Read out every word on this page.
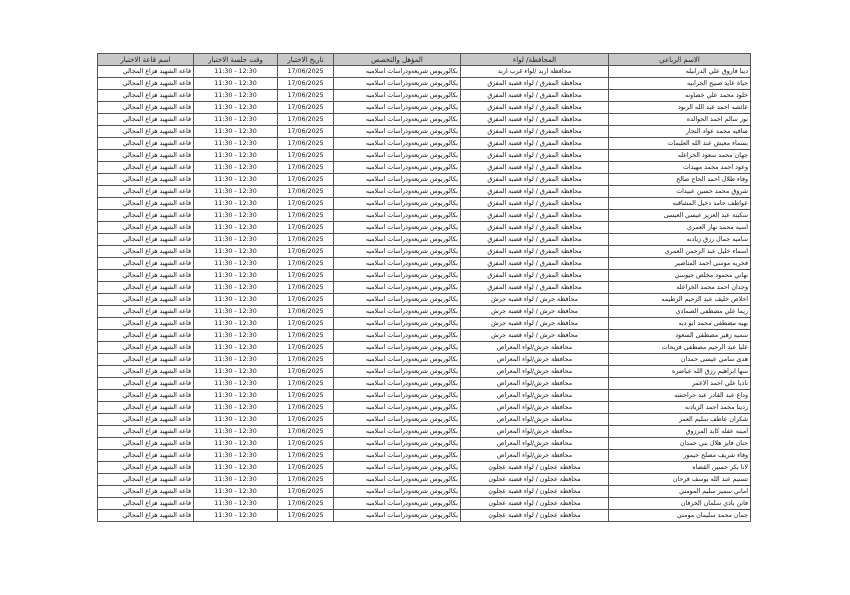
الاسم الرباعي	المحافظة/ لواء	المؤهل والتخصص	تاريخ الاختبار	وقت جلسة الاختبار	اسم قاعة الاختبار
دينا فاروق علي الدرابيله	محافظة اربد /لواء غرب اربد	بكالوريوس شريعةودراسات اسلاميه	17/06/2025	11:30 - 12:30	قاعة الشهيد هزاع المجالي
حياة عايد صبيح الجرابيه	محافظة المفرق / لواء قصبة المفرق	بكالوريوس شريعةودراسات اسلاميه	17/06/2025	11:30 - 12:30	قاعة الشهيد هزاع المجالي
خلود محمد علي خصاونه	محافظة المفرق / لواء قصبة المفرق	بكالوريوس شريعةودراسات اسلاميه	17/06/2025	11:30 - 12:30	قاعة الشهيد هزاع المجالي
عائشه احمد عبد الله الزبود	محافظة المفرق / لواء قصبة المفرق	بكالوريوس شريعةودراسات اسلاميه	17/06/2025	11:30 - 12:30	قاعة الشهيد هزاع المجالي
نور سالم احمد الخوالده	محافظة المفرق / لواء قصبة المفرق	بكالوريوس شريعةودراسات اسلاميه	17/06/2025	11:30 - 12:30	قاعة الشهيد هزاع المجالي
صافيه محمد عواد النجار	محافظة المفرق / لواء قصبة المفرق	بكالوريوس شريعةودراسات اسلاميه	17/06/2025	11:30 - 12:30	قاعة الشهيد هزاع المجالي
بسماء معيش عبد الله العليمات	محافظة المفرق / لواء قصبة المفرق	بكالوريوس شريعةودراسات اسلاميه	17/06/2025	11:30 - 12:30	قاعة الشهيد هزاع المجالي
جهان محمد سعود الخزاعله	محافظة المفرق / لواء قصبة المفرق	بكالوريوس شريعةودراسات اسلاميه	17/06/2025	11:30 - 12:30	قاعة الشهيد هزاع المجالي
وعود احمد محمد مهيدات	محافظة المفرق / لواء قصبة المفرق	بكالوريوس شريعةودراسات اسلاميه	17/06/2025	11:30 - 12:30	قاعة الشهيد هزاع المجالي
وفاء طلال احمد الحاج صالح	محافظة المفرق / لواء قصبة المفرق	بكالوريوس شريعةودراسات اسلاميه	17/06/2025	11:30 - 12:30	قاعة الشهيد هزاع المجالي
شروق محمد حسين عبيدات	محافظة المفرق / لواء قصبة المفرق	بكالوريوس شريعةودراسات اسلاميه	17/06/2025	11:30 - 12:30	قاعة الشهيد هزاع المجالي
عواطف حامد دخيل المشاقبه	محافظة المفرق / لواء قصبة المفرق	بكالوريوس شريعةودراسات اسلاميه	17/06/2025	11:30 - 12:30	قاعة الشهيد هزاع المجالي
سكينة عبد العزيز عيسى العيسى	محافظة المفرق / لواء قصبة المفرق	بكالوريوس شريعةودراسات اسلاميه	17/06/2025	11:30 - 12:30	قاعة الشهيد هزاع المجالي
اسيه محمد نهار العمري	محافظة المفرق / لواء قصبة المفرق	بكالوريوس شريعةودراسات اسلاميه	17/06/2025	11:30 - 12:30	قاعة الشهيد هزاع المجالي
ساميه جمال رزق زيادنه	محافظة المفرق / لواء قصبة المفرق	بكالوريوس شريعةودراسات اسلاميه	17/06/2025	11:30 - 12:30	قاعة الشهيد هزاع المجالي
اسماء خليل عبد الرحمن العمري	محافظة المفرق / لواء قصبة المفرق	بكالوريوس شريعةودراسات اسلاميه	17/06/2025	11:30 - 12:30	قاعة الشهيد هزاع المجالي
فخريه موسى احمد المناصير	محافظة المفرق / لواء قصبة المفرق	بكالوريوس شريعةودراسات اسلاميه	17/06/2025	11:30 - 12:30	قاعة الشهيد هزاع المجالي
نهاني محمود مخلص جيوسي	محافظة المفرق / لواء قصبة المفرق	بكالوريوس شريعةودراسات اسلاميه	17/06/2025	11:30 - 12:30	قاعة الشهيد هزاع المجالي
وجدان احمد محمد الخزاعله	محافظة المفرق / لواء قصبة المفرق	بكالوريوس شريعةودراسات اسلاميه	17/06/2025	11:30 - 12:30	قاعة الشهيد هزاع المجالي
اخلاص خليف عبد الرحيم الزطيمه	محافظة جرش / لواء قصبة جرش	بكالوريوس شريعةودراسات اسلاميه	17/06/2025	11:30 - 12:30	قاعة الشهيد هزاع المجالي
ريما علي مصطفى الصمادي	محافظة جرش / لواء قصبة جرش	بكالوريوس شريعةودراسات اسلاميه	17/06/2025	11:30 - 12:30	قاعة الشهيد هزاع المجالي
بهيه مصطفى محمد ابو ديه	محافظة جرش / لواء قصبة جرش	بكالوريوس شريعةودراسات اسلاميه	17/06/2025	11:30 - 12:30	قاعة الشهيد هزاع المجالي
سميه زهير مصطفى السعود	محافظة جرش / لواء قصبة جرش	بكالوريوس شريعةودراسات اسلاميه	17/06/2025	11:30 - 12:30	قاعة الشهيد هزاع المجالي
عليا عبد الرحيم مصطفى فريحات	محافظة جرش/لواء المعراض	بكالوريوس شريعةودراسات اسلاميه	17/06/2025	11:30 - 12:30	قاعة الشهيد هزاع المجالي
هدى سامي عيسى حمدان	محافظة جرش/لواء المعراض	بكالوريوس شريعةودراسات اسلاميه	17/06/2025	11:30 - 12:30	قاعة الشهيد هزاع المجالي
سها ابراهيم رزق الله عياصره	محافظة جرش/لواء المعراض	بكالوريوس شريعةودراسات اسلاميه	17/06/2025	11:30 - 12:30	قاعة الشهيد هزاع المجالي
ناديا علي احمد الاعمر	محافظة جرش/لواء المعراض	بكالوريوس شريعةودراسات اسلاميه	17/06/2025	11:30 - 12:30	قاعة الشهيد هزاع المجالي
وداع عبد القادر عبد حراحشه	محافظة جرش/لواء المعراض	بكالوريوس شريعةودراسات اسلاميه	17/06/2025	11:30 - 12:30	قاعة الشهيد هزاع المجالي
ردينا محمد احمد الزيادنه	محافظة جرش/لواء المعراض	بكالوريوس شريعةودراسات اسلاميه	17/06/2025	11:30 - 12:30	قاعة الشهيد هزاع المجالي
شكران عاطف سليم العمر	محافظة جرش/لواء المعراض	بكالوريوس شريعةودراسات اسلاميه	17/06/2025	11:30 - 12:30	قاعة الشهيد هزاع المجالي
امينه عقله كايد المرزوق	محافظة جرش/لواء المعراض	بكالوريوس شريعةودراسات اسلاميه	17/06/2025	11:30 - 12:30	قاعة الشهيد هزاع المجالي
حنان فايز هلال بني حمدان	محافظة جرش/لواء المعراض	بكالوريوس شريعةودراسات اسلاميه	17/06/2025	11:30 - 12:30	قاعة الشهيد هزاع المجالي
وفاء شريف مصلح حيمور	محافظة جرش/لواء المعراض	بكالوريوس شريعةودراسات اسلاميه	17/06/2025	11:30 - 12:30	قاعة الشهيد هزاع المجالي
لانا بكر حسين القضاه	محافظة عجلون / لواء قصبة عجلون	بكالوريوس شريعةودراسات اسلاميه	17/06/2025	11:30 - 12:30	قاعة الشهيد هزاع المجالي
تسنيم عبد الله يوسف فرحان	محافظة عجلون / لواء قصبة عجلون	بكالوريوس شريعةودراسات اسلاميه	17/06/2025	11:30 - 12:30	قاعة الشهيد هزاع المجالي
اماني سمير سليم المومني	محافظة عجلون / لواء قصبة عجلون	بكالوريوس شريعةودراسات اسلاميه	17/06/2025	11:30 - 12:30	قاعة الشهيد هزاع المجالي
فاتن بادي سلمان الخرفان	محافظة عجلون / لواء قصبة عجلون	بكالوريوس شريعةودراسات اسلاميه	17/06/2025	11:30 - 12:30	قاعة الشهيد هزاع المجالي
جمان محمد سليمان مومني	محافظة عجلون / لواء قصبة عجلون	بكالوريوس شريعةودراسات اسلاميه	17/06/2025	11:30 - 12:30	قاعة الشهيد هزاع المجالي
